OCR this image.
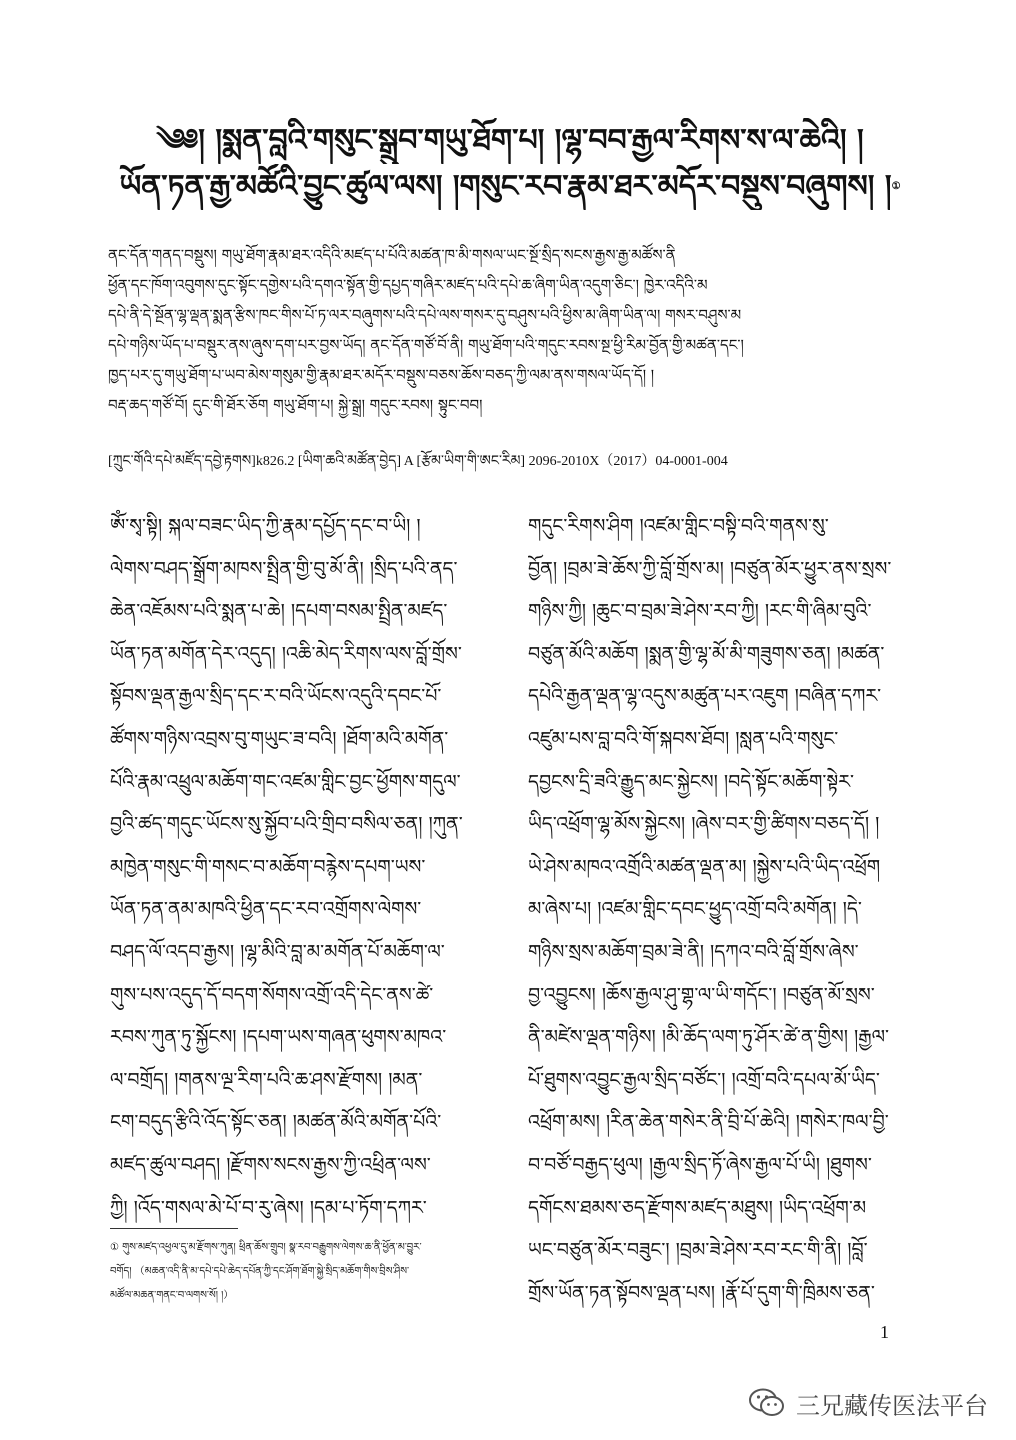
༄༅། །སྨན་བླའི་གསུང་སྒྲུབ་གཡུ་ཐོག་པ། །ལྷ་བབ་རྒྱལ་རིགས་ས་ལ་ཆེའི། །
ཡོན་ཏན་རྒྱ་མཚོའི་བྱུང་ཚུལ་ལས། །གསུང་རབ་རྣམ་ཐར་མདོར་བསྡུས་བཞུགས། །①
ནང་དོན་གནད་བསྡུས། གཡུ་ཐོག་རྣམ་ཐར་འདིའི་མཛད་པ་པོའི་མཚན་ཁ་མི་གསལ་ཡང་སྔོ་སྲིད་སངས་རྒྱས་རྒྱ་མཚོས་ནི
ཕྱོན་དང་ཁོག་འབུགས་དུང་སྟོང་དགྱེས་པའི་དགའ་སྟོན་གྱི་དཔྱད་གཞིར་མཛད་པའི་དཔེ་ཆ་ཞིག་ཡིན་འདུག་ཅིང་། ཁྱེར་འདིའི་མ
དཔེ་ནི་དེ་སྔོན་ལྷ་ལྡན་སྨན་རྩིས་ཁང་གིས་པོ་ཏ་ལར་བཞུགས་པའི་དཔེ་ལས་གསར་དུ་བཤུས་པའི་ཕྱིས་མ་ཞིག་ཡིན་ལ། གསར་བཤུས་མ
དཔེ་གཉིས་ཡོད་པ་བསྡུར་ནས་ཞུས་དག་པར་བྱས་ཡོད། ནང་དོན་གཙོ་བོ་ནི། གཡུ་ཐོག་པའི་གདུང་རབས་སྔ་ཕྱི་རིམ་བྱོན་གྱི་མཚན་དང་།
ཁྱད་པར་དུ་གཡུ་ཐོག་པ་ཡབ་མེས་གསུམ་གྱི་རྣམ་ཐར་མདོར་བསྡུས་བཅས་ཆོས་བཅད་ཀྱི་ལམ་ནས་གསལ་ཡོད་དོ། །
བརྡ་ཆད་གཙོ་བོ། དུང་གི་ཐོར་ཅོག གཡུ་ཐོག་པ། སྐྱེ་སྒྲ། གདུང་རབས། སྟུང་བབ།
[ཀྲུང་གོའི་དཔེ་མཛོད་དབྱེ་རྟགས]k826.2 [ཡིག་ཆའི་མཚོན་བྱེད] A [རྩོམ་ཡིག་གི་ཨང་རིམ] 2096-2010X（2017）04-0001-004
ཨོཾ་སྭ་སྟི། སྐལ་བཟང་ཡིད་ཀྱི་རྣམ་དཔྱོད་དང་བ་ཡི། །
ལེགས་བཤད་སྒྲོག་མཁས་སྤྲིན་གྱི་བུ་མོ་ནི། །སྲིད་པའི་ནད་
ཆེན་འཇོམས་པའི་སྨན་པ་ཆེ། །དཔག་བསམ་སྤྲིན་མཛད་
ཡོན་ཏན་མགོན་དེར་འདུད། །འཆི་མེད་རིགས་ལས་བློ་གྲོས་
སྟོབས་ལྡན་རྒྱལ་སྲིད་དང་ར་བའི་ཡོངས་འདུའི་དབང་པོ་
ཚོགས་གཉིས་འབྲས་བུ་གཡུང་ཟ་བའི། །ཐོག་མའི་མགོན་
པོའི་རྣམ་འཕྲུལ་མཆོག་གང་འཛམ་གླིང་བྱང་ཕྱོགས་གདུལ་
བྱའི་ཚད་གདུང་ཡོངས་སུ་སྐྱོབ་པའི་གྲིབ་བསིལ་ཅན། །ཀུན་
མཁྱེན་གསུང་གི་གསང་བ་མཆོག་བརྙེས་དཔག་ཡས་
ཡོན་ཏན་ནམ་མཁའི་ཕྱིན་དང་རབ་འགྲོགས་ལེགས་
བཤད་ལོ་འདབ་རྒྱས། །ལྷ་མིའི་བླ་མ་མགོན་པོ་མཆོག་ལ་
གུས་པས་འདུད་དོ་བདག་སོགས་འགྲོ་འདི་དེང་ནས་ཚེ་
རབས་ཀུན་ཏུ་སྐྱོངས། །དཔག་ཡས་གཞན་ཕུགས་མཁའ་
ལ་བགྲོད། །གནས་ལྔ་རིག་པའི་ཆ་ཤས་རྫོགས། །མན་
ངག་བདུད་རྩིའི་འོད་སྟོང་ཅན། །མཚན་མོའི་མགོན་པོའི་
མཛད་ཚུལ་བཤད། །རྫོགས་སངས་རྒྱས་ཀྱི་འཕྲིན་ལས་
ཀྱི། །འོད་གསལ་མེ་པོ་བ་རུ་ཞེས། །དམ་པ་ཏོག་དཀར་
གདུང་རིགས་ཤིག །འཛམ་གླིང་བསྟི་བའི་གནས་སུ་
བྱོན། །བྲམ་ཟེ་ཆོས་ཀྱི་བློ་གྲོས་མ། །བཙུན་མོར་ཕྱུར་ནས་སྲས་
གཉིས་ཀྱི། །ཆུང་བ་བྲམ་ཟེ་ཤེས་རབ་ཀྱི། །རང་གི་ཞིམ་བུའི་
བཙུན་མོའི་མཆོག །སྨན་གྱི་ལྷ་མོ་མི་གཟུགས་ཅན། །མཚན་
དཔེའི་རྒྱན་ལྡན་ལྷ་འདུས་མཚུན་པར་འཇུག །བཞིན་དཀར་
འཛུམ་པས་བླ་བའི་གོ་སྐབས་ཐོབ། །སླན་པའི་གསུང་
དབྱངས་དྲི་ཟའི་རྒྱུད་མང་སྐྱེངས། །བདེ་སྟོང་མཆོག་སྟེར་
ཡིད་འཕྲོག་ལྷ་མོས་སྐྱེངས། །ཞེས་བར་གྱི་ཚིགས་བཅད་དོ། །
ཡེ་ཤེས་མཁའ་འགྲོའི་མཚན་ལྡན་མ། །སྐྱེས་པའི་ཡིད་འཕྲོག
མ་ཞེས་པ། །འཛམ་གླིང་དབང་ཕྱུད་འགྲོ་བའི་མགོན། །དེ་
གཉིས་སྲས་མཆོག་བྲམ་ཟེ་ནི། །དཀའ་བའི་བློ་གྲོས་ཞེས་
བྱ་འབྱུངས། །ཆོས་རྒྱལ་ཤུ་གྷ་ལ་ཡི་གདོང་། །བཙུན་མོ་སྲས་
ནི་མཛེས་ལྡན་གཉིས། །མི་ཆོད་ལག་ཏུ་ཤོར་ཚེ་ན་གྱིས། །རྒྱལ་
པོ་ཐུགས་འབྱུང་རྒྱལ་སྲིད་བཙོང་། །འགྲོ་བའི་དཔལ་མོ་ཡིད་
འཕྲོག་མས། །རིན་ཆེན་གསེར་ནི་བྲི་པོ་ཆེའི། །གསེར་ཁལ་བྱི་
བ་བཙོ་བརྒྱད་ཕུལ། །རྒྱལ་སྲིད་ཏོ་ཞེས་རྒྱལ་པོ་ཡི། །ཐུགས་
དགོངས་ཐམས་ཅད་རྫོགས་མཛད་མཐུས། །ཡིད་འཕྲོག་མ
ཡང་བཙུན་མོར་བཟུང་། །བྲམ་ཟེ་ཤེས་རབ་རང་གི་ནི། །བློ་
གྲོས་ཡོན་ཏན་སྟོབས་ལྡན་པས། །རྣོ་པོ་དུག་གི་ཁྲིམས་ཅན་
① གུས་མཛད་འཕྱལ་དུ་མ་རྫོགས་ཀུན། ཕྲིན་ཆོས་གྲུབ། སྣ་རབ་བརྒྱུགས་ལེགས་ཆ་ནི་ཕྱོན་མ་བྱུར་
བགོད། （མཆན་འདི་ནི་མ་དཔེ་དཔེ་ཆེད་དཔོན་ཀྱི་དང་ཤོག་ཐོག་སྐྱེ་སྲིད་མཆོག་གིས་བྲིས་ཤིས་
མཚོལ་མཆན་གནང་བ་ལགས་སོ། །）
1
三兄藏传医法平台
